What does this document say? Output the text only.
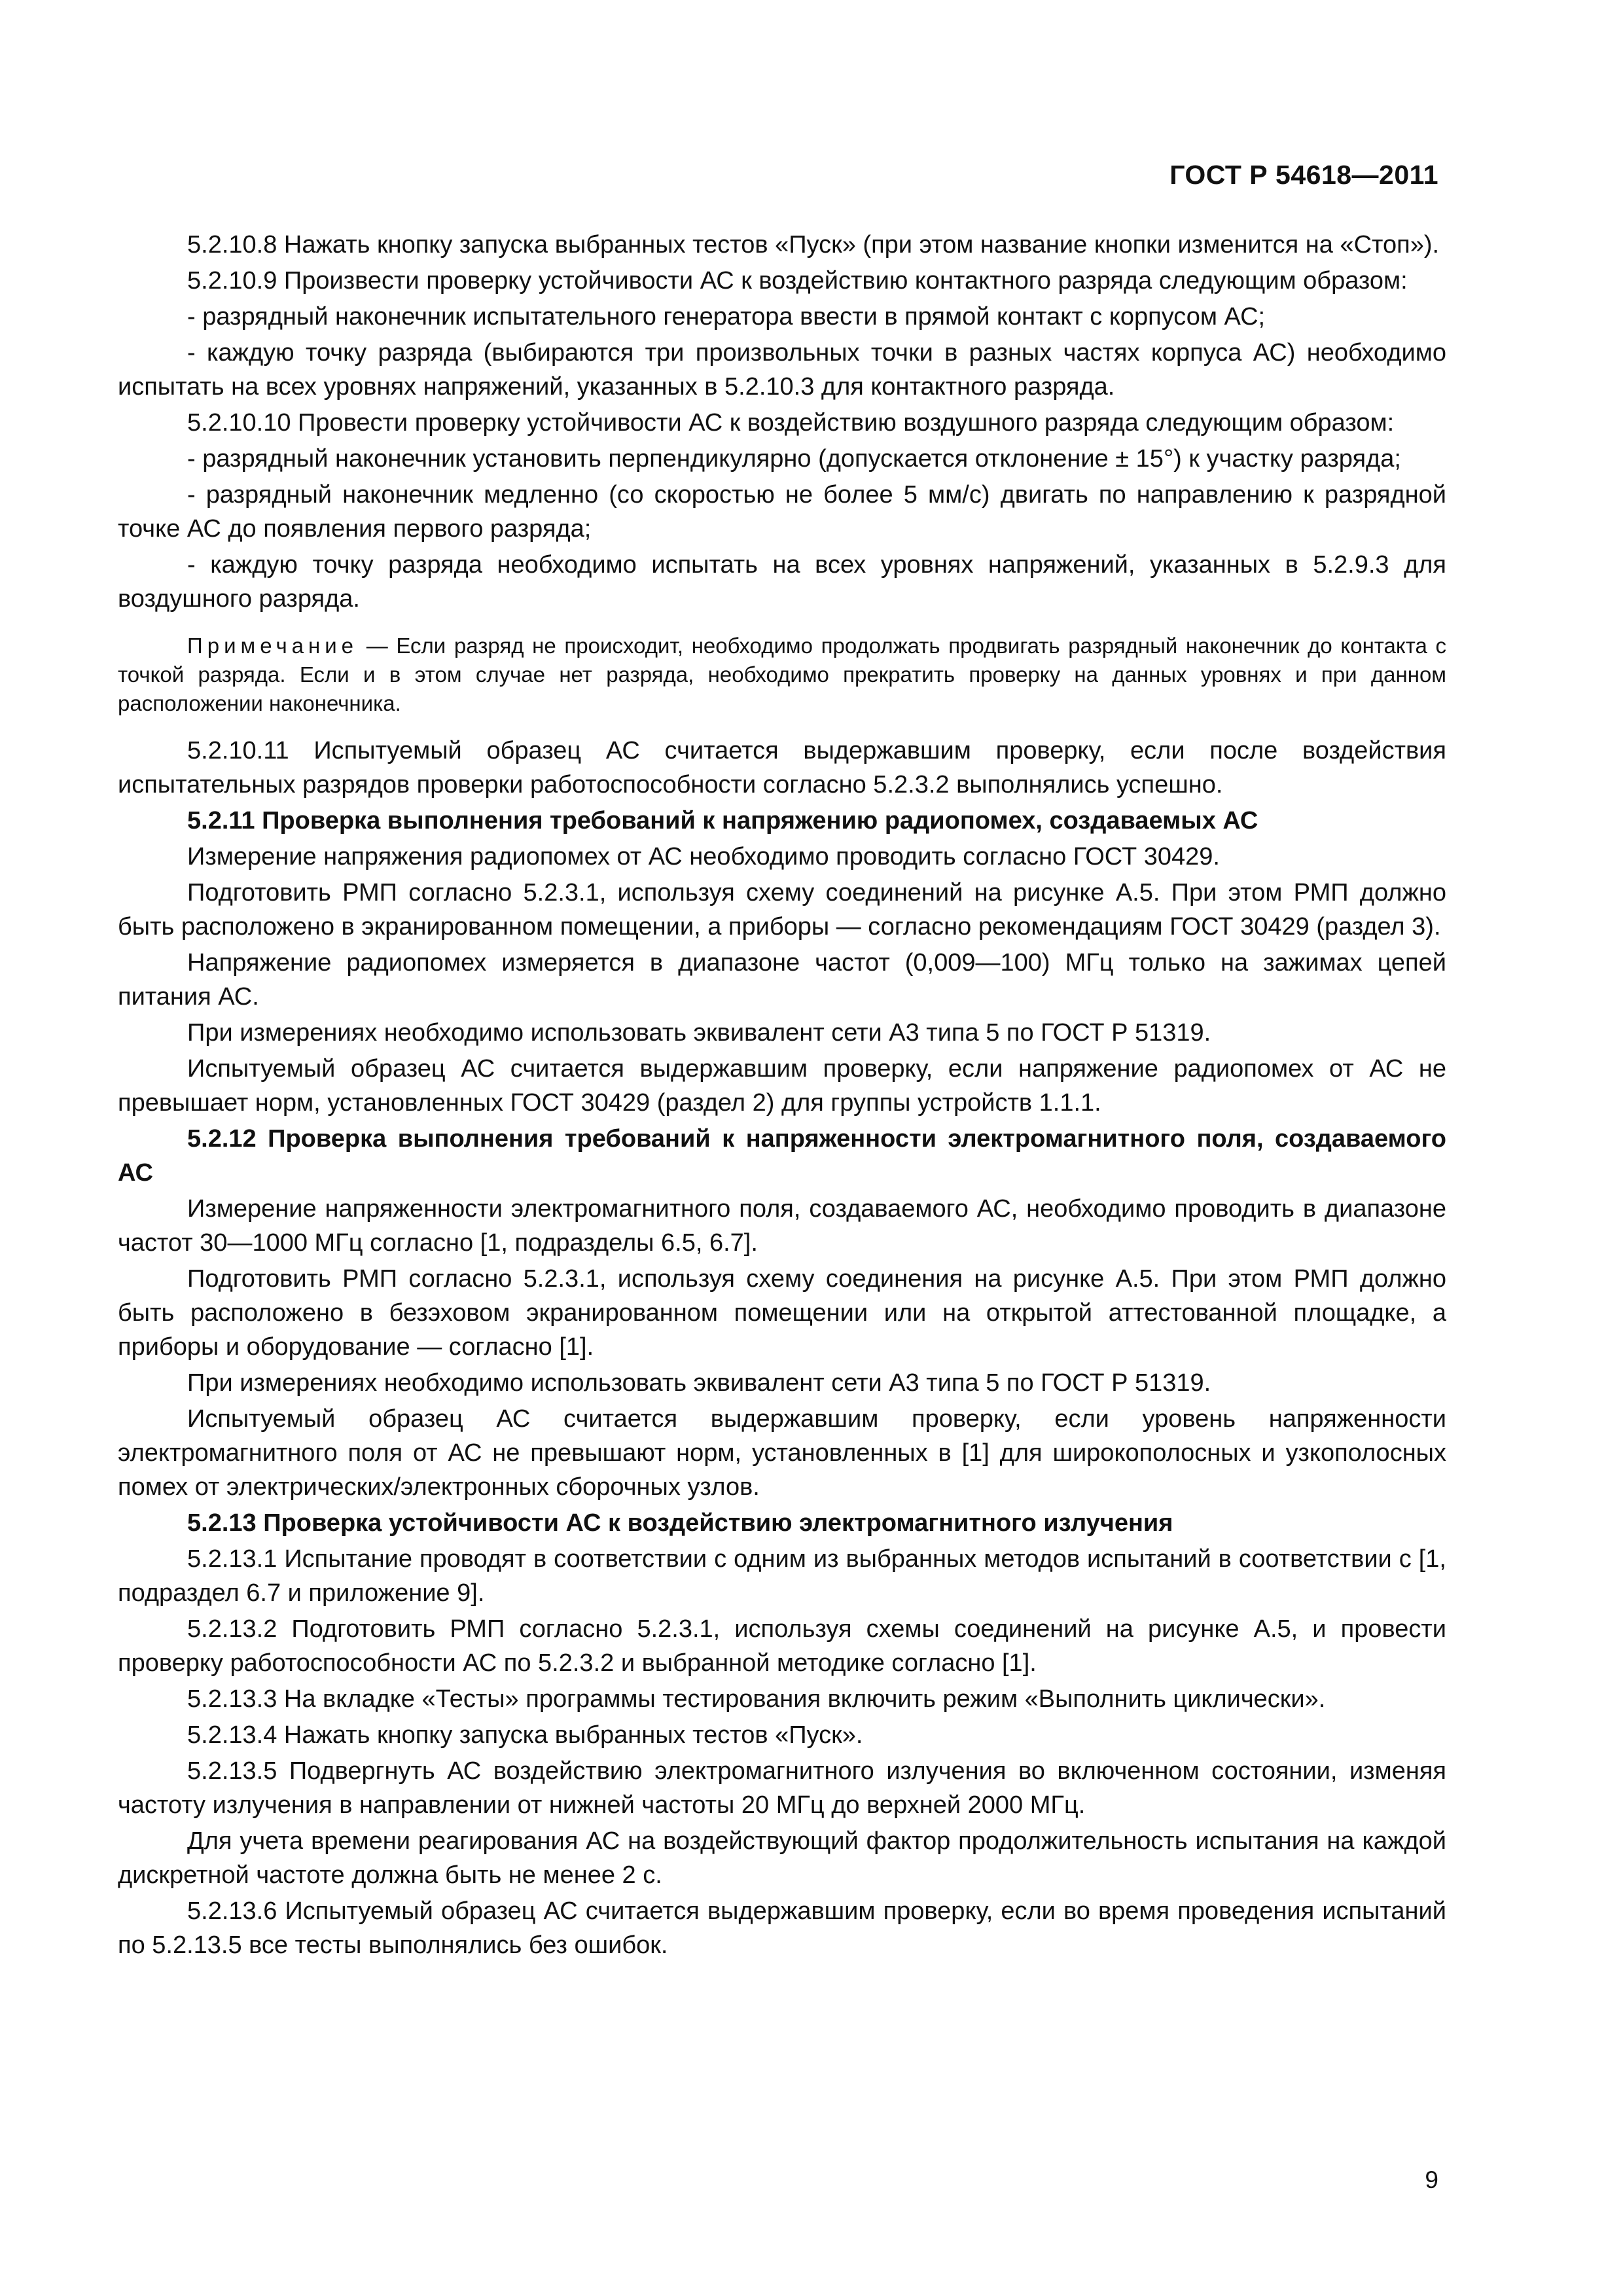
ГОСТ Р 54618—2011

5.2.10.8 Нажать кнопку запуска выбранных тестов «Пуск» (при этом название кнопки изменится на «Стоп»).

5.2.10.9 Произвести проверку устойчивости АС к воздействию контактного разряда следующим образом:

- разрядный наконечник испытательного генератора ввести в прямой контакт с корпусом АС;

- каждую точку разряда (выбираются три произвольных точки в разных частях корпуса АС) необходимо испытать на всех уровнях напряжений, указанных в 5.2.10.3 для контактного разряда.

5.2.10.10 Провести проверку устойчивости АС к воздействию воздушного разряда следующим образом:

- разрядный наконечник установить перпендикулярно (допускается отклонение ± 15°) к участку разряда;

- разрядный наконечник медленно (со скоростью не более 5 мм/с) двигать по направлению к разрядной точке АС до появления первого разряда;

- каждую точку разряда необходимо испытать на всех уровнях напряжений, указанных в 5.2.9.3 для воздушного разряда.

Примечание — Если разряд не происходит, необходимо продолжать продвигать разрядный наконечник до контакта с точкой разряда. Если и в этом случае нет разряда, необходимо прекратить проверку на данных уровнях и при данном расположении наконечника.

5.2.10.11 Испытуемый образец АС считается выдержавшим проверку, если после воздействия испытательных разрядов проверки работоспособности согласно 5.2.3.2 выполнялись успешно.

5.2.11 Проверка выполнения требований к напряжению радиопомех, создаваемых АС

Измерение напряжения радиопомех от АС необходимо проводить согласно ГОСТ 30429.

Подготовить РМП согласно 5.2.3.1, используя схему соединений на рисунке А.5. При этом РМП должно быть расположено в экранированном помещении, а приборы — согласно рекомендациям ГОСТ 30429 (раздел 3).

Напряжение радиопомех измеряется в диапазоне частот (0,009—100) МГц только на зажимах цепей питания АС.

При измерениях необходимо использовать эквивалент сети А3 типа 5 по ГОСТ Р 51319.

Испытуемый образец АС считается выдержавшим проверку, если напряжение радиопомех от АС не превышает норм, установленных ГОСТ 30429 (раздел 2) для группы устройств 1.1.1.

5.2.12 Проверка выполнения требований к напряженности электромагнитного поля, создаваемого АС

Измерение напряженности электромагнитного поля, создаваемого АС, необходимо проводить в диапазоне частот 30—1000 МГц согласно [1, подразделы 6.5, 6.7].

Подготовить РМП согласно 5.2.3.1, используя схему соединения на рисунке А.5. При этом РМП должно быть расположено в безэховом экранированном помещении или на открытой аттестованной площадке, а приборы и оборудование — согласно [1].

При измерениях необходимо использовать эквивалент сети А3 типа 5 по ГОСТ Р 51319.

Испытуемый образец АС считается выдержавшим проверку, если уровень напряженности электромагнитного поля от АС не превышают норм, установленных в [1] для широкополосных и узкополосных помех от электрических/электронных сборочных узлов.

5.2.13 Проверка устойчивости АС к воздействию электромагнитного излучения

5.2.13.1 Испытание проводят в соответствии с одним из выбранных методов испытаний в соответствии с [1, подраздел 6.7 и приложение 9].

5.2.13.2 Подготовить РМП согласно 5.2.3.1, используя схемы соединений на рисунке А.5, и провести проверку работоспособности АС по 5.2.3.2 и выбранной методике согласно [1].

5.2.13.3 На вкладке «Тесты» программы тестирования включить режим «Выполнить циклически».

5.2.13.4 Нажать кнопку запуска выбранных тестов «Пуск».

5.2.13.5 Подвергнуть АС воздействию электромагнитного излучения во включенном состоянии, изменяя частоту излучения в направлении от нижней частоты 20 МГц до верхней 2000 МГц.

Для учета времени реагирования АС на воздействующий фактор продолжительность испытания на каждой дискретной частоте должна быть не менее 2 с.

5.2.13.6 Испытуемый образец АС считается выдержавшим проверку, если во время проведения испытаний по 5.2.13.5 все тесты выполнялись без ошибок.

9
